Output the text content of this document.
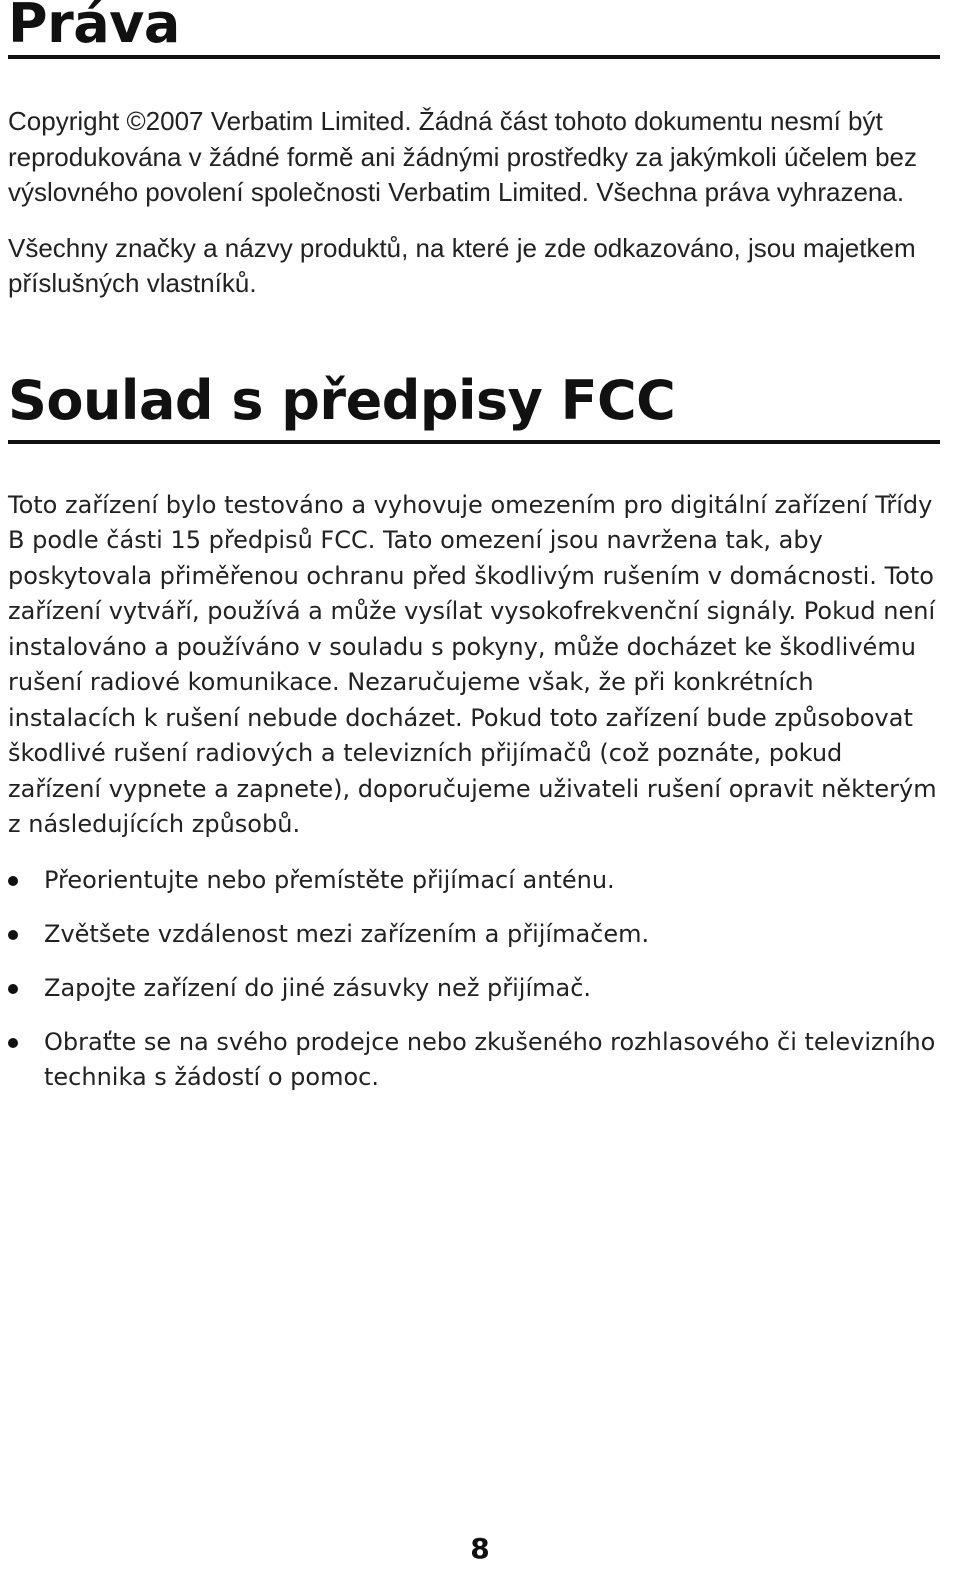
Práva

Copyright ©2007 Verbatim Limited. Žádná část tohoto dokumentu nesmí být reprodukována v žádné formě ani žádnými prostředky za jakýmkoli účelem bez výslovného povolení společnosti Verbatim Limited. Všechna práva vyhrazena.

Všechny značky a názvy produktů, na které je zde odkazováno, jsou majetkem příslušných vlastníků.

Soulad s předpisy FCC

Toto zařízení bylo testováno a vyhovuje omezením pro digitální zařízení Třídy B podle části 15 předpisů FCC. Tato omezení jsou navržena tak, aby poskytovala přiměřenou ochranu před škodlivým rušením v domácnosti. Toto zařízení vytváří, používá a může vysílat vysokofrekvenční signály. Pokud není instalováno a používáno v souladu s pokyny, může docházet ke škodlivému rušení radiové komunikace. Nezaručujeme však, že při konkrétních instalacích k rušení nebude docházet. Pokud toto zařízení bude způsobovat škodlivé rušení radiových a televizních přijímačů (což poznáte, pokud zařízení vypnete a zapnete), doporučujeme uživateli rušení opravit některým z následujících způsobů.

Přeorientujte nebo přemístěte přijímací anténu.
Zvětšete vzdálenost mezi zařízením a přijímačem.
Zapojte zařízení do jiné zásuvky než přijímač.
Obraťte se na svého prodejce nebo zkušeného rozhlasového či televizního technika s žádostí o pomoc.
8
